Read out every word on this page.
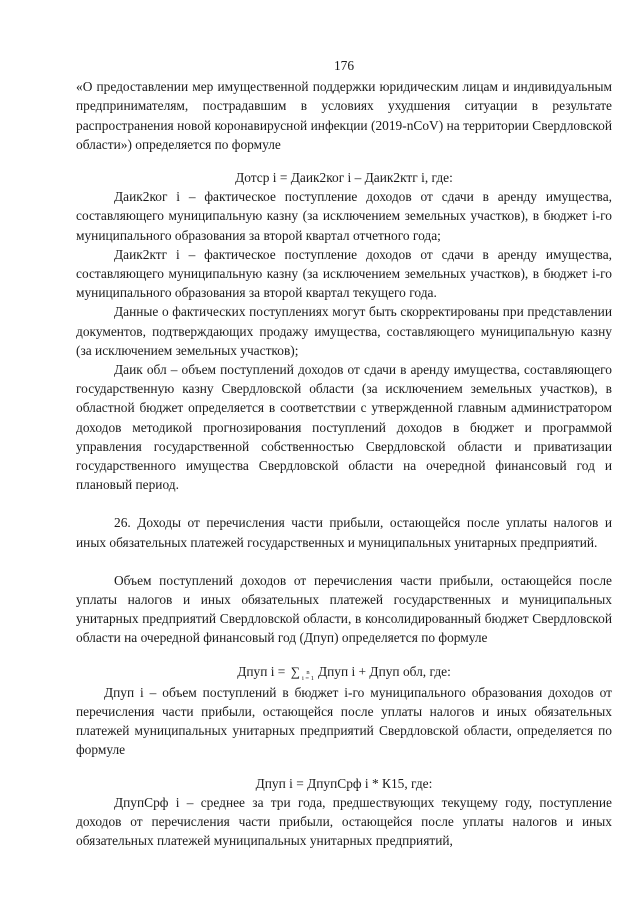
176

«О предоставлении мер имущественной поддержки юридическим лицам и индивидуальным предпринимателям, пострадавшим в условиях ухудшения ситуации в результате распространения новой коронавирусной инфекции (2019-nCoV) на территории Свердловской области») определяется по формуле

Дотср i = Даик2ког i – Даик2ктг i, где:

Даик2ког i – фактическое поступление доходов от сдачи в аренду имущества, составляющего муниципальную казну (за исключением земельных участков), в бюджет i-го муниципального образования за второй квартал отчетного года;

Даик2ктг i – фактическое поступление доходов от сдачи в аренду имущества, составляющего муниципальную казну (за исключением земельных участков), в бюджет i-го муниципального образования за второй квартал текущего года.

Данные о фактических поступлениях могут быть скорректированы при представлении документов, подтверждающих продажу имущества, составляющего муниципальную казну (за исключением земельных участков);

Даик обл – объем поступлений доходов от сдачи в аренду имущества, составляющего государственную казну Свердловской области (за исключением земельных участков), в областной бюджет определяется в соответствии с утвержденной главным администратором доходов методикой прогнозирования поступлений доходов в бюджет и программой управления государственной собственностью Свердловской области и приватизации государственного имущества Свердловской области на очередной финансовый год и плановый период.

26. Доходы от перечисления части прибыли, остающейся после уплаты налогов и иных обязательных платежей государственных и муниципальных унитарных предприятий.

Объем поступлений доходов от перечисления части прибыли, остающейся после уплаты налогов и иных обязательных платежей государственных и муниципальных унитарных предприятий Свердловской области, в консолидированный бюджет Свердловской области на очередной финансовый год (Дпуп) определяется по формуле

Дпуп i = ∑ n
i = 1 Дпуп i + Дпуп обл, где:

Дпуп i – объем поступлений в бюджет i-го муниципального образования доходов от перечисления части прибыли, остающейся после уплаты налогов и иных обязательных платежей муниципальных унитарных предприятий Свердловской области, определяется по формуле

Дпуп i = ДпупСрф i * К15, где:

ДпупСрф i – среднее за три года, предшествующих текущему году, поступление доходов от перечисления части прибыли, остающейся после уплаты налогов и иных обязательных платежей муниципальных унитарных предприятий,
